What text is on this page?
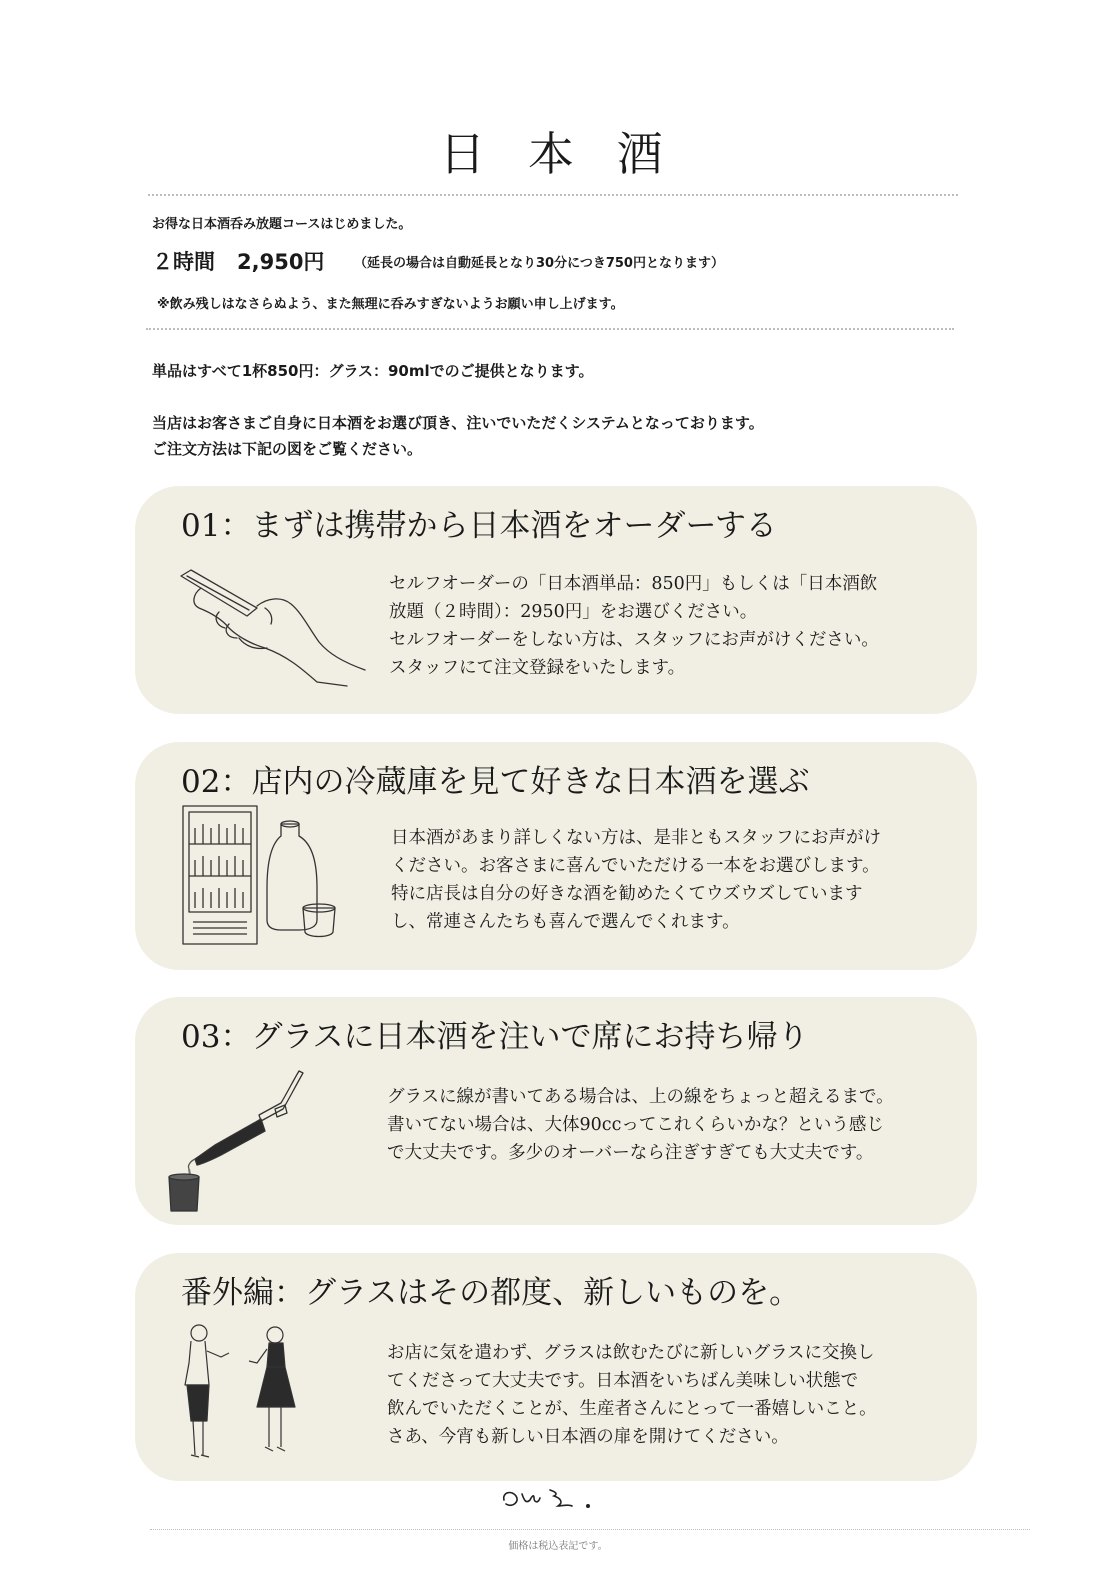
日 本 酒
お得な日本酒呑み放題コースはじめました。
２時間 2,950円 （延長の場合は自動延長となり30分につき750円となります）
※飲み残しはなさらぬよう、また無理に呑みすぎないようお願い申し上げます。
単品はすべて1杯850円：グラス：90mlでのご提供となります。
当店はお客さまご自身に日本酒をお選び頂き、注いでいただくシステムとなっております。
ご注文方法は下記の図をご覧ください。
01：まずは携帯から日本酒をオーダーする
セルフオーダーの「日本酒単品：850円」もしくは「日本酒飲
放題（２時間）：2950円」をお選びください。
セルフオーダーをしない方は、スタッフにお声がけください。
スタッフにて注文登録をいたします。
02：店内の冷蔵庫を見て好きな日本酒を選ぶ
日本酒があまり詳しくない方は、是非ともスタッフにお声がけ
ください。お客さまに喜んでいただける一本をお選びします。
特に店長は自分の好きな酒を勧めたくてウズウズしています
し、常連さんたちも喜んで選んでくれます。
03：グラスに日本酒を注いで席にお持ち帰り
グラスに線が書いてある場合は、上の線をちょっと超えるまで。
書いてない場合は、大体90ccってこれくらいかな？という感じ
で大丈夫です。多少のオーバーなら注ぎすぎても大丈夫です。
番外編：グラスはその都度、新しいものを。
お店に気を遣わず、グラスは飲むたびに新しいグラスに交換し
てくださって大丈夫です。日本酒をいちばん美味しい状態で
飲んでいただくことが、生産者さんにとって一番嬉しいこと。
さあ、今宵も新しい日本酒の扉を開けてください。
価格は税込表記です。
